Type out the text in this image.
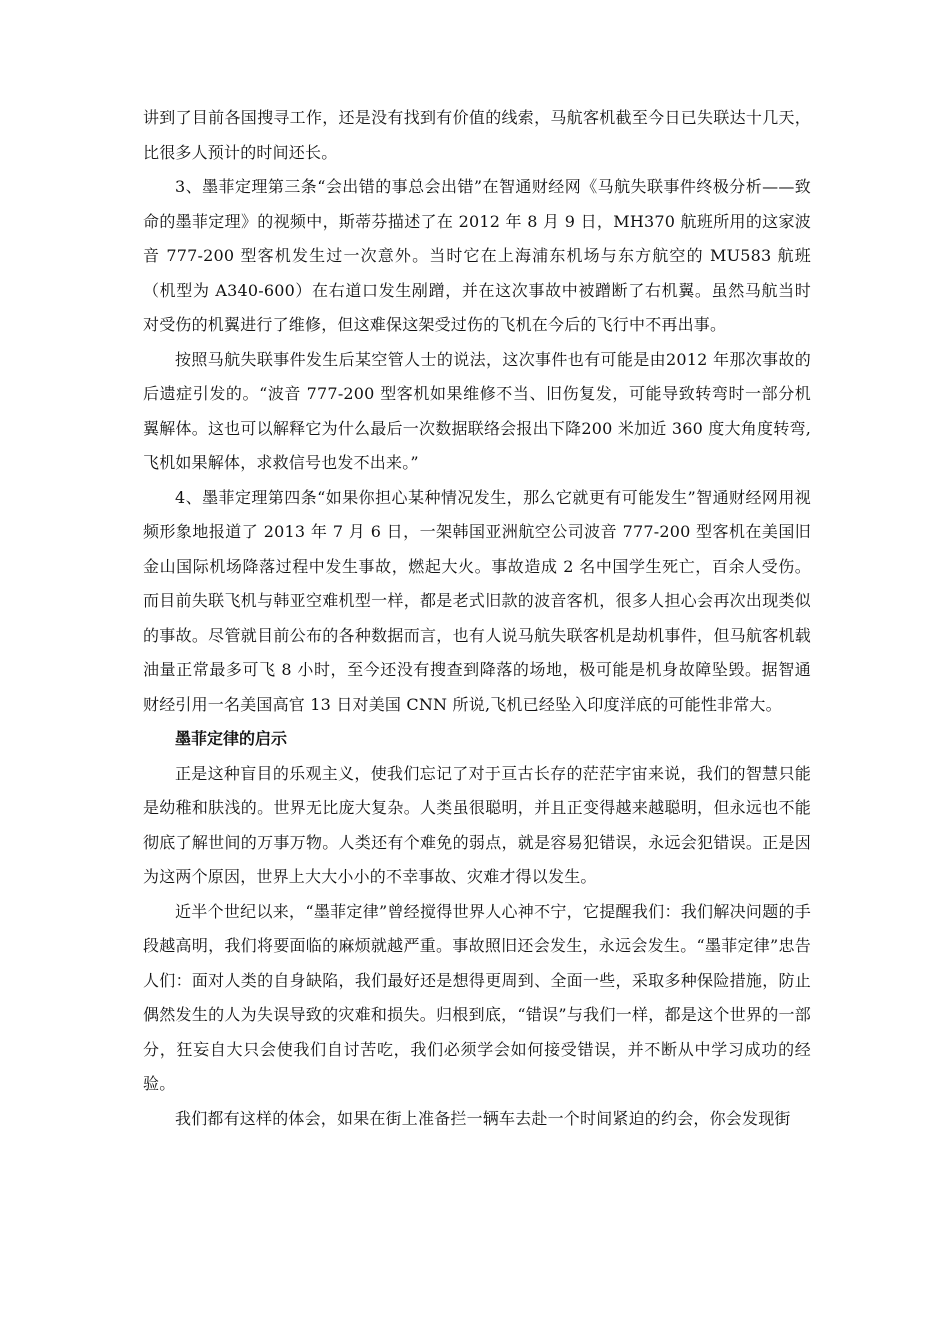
讲到了目前各国搜寻工作，还是没有找到有价值的线索，马航客机截至今日已失联达十几天，比很多人预计的时间还长。

3、墨菲定理第三条“会出错的事总会出错”在智通财经网《马航失联事件终极分析——致命的墨菲定理》的视频中，斯蒂芬描述了在 2012 年 8 月 9 日，MH370 航班所用的这家波音 777-200 型客机发生过一次意外。当时它在上海浦东机场与东方航空的 MU583 航班（机型为 A340-600）在右道口发生剐蹭，并在这次事故中被蹭断了右机翼。虽然马航当时对受伤的机翼进行了维修，但这难保这架受过伤的飞机在今后的飞行中不再出事。

按照马航失联事件发生后某空管人士的说法，这次事件也有可能是由2012 年那次事故的后遗症引发的。“波音 777-200 型客机如果维修不当、旧伤复发，可能导致转弯时一部分机翼解体。这也可以解释它为什么最后一次数据联络会报出下降200 米加近 360 度大角度转弯,飞机如果解体，求救信号也发不出来。”

4、墨菲定理第四条“如果你担心某种情况发生，那么它就更有可能发生”智通财经网用视频形象地报道了 2013 年 7 月 6 日，一架韩国亚洲航空公司波音 777-200 型客机在美国旧金山国际机场降落过程中发生事故，燃起大火。事故造成 2 名中国学生死亡，百余人受伤。而目前失联飞机与韩亚空难机型一样，都是老式旧款的波音客机，很多人担心会再次出现类似的事故。尽管就目前公布的各种数据而言，也有人说马航失联客机是劫机事件，但马航客机载油量正常最多可飞 8 小时，至今还没有搜查到降落的场地，极可能是机身故障坠毁。据智通财经引用一名美国高官 13 日对美国 CNN 所说,飞机已经坠入印度洋底的可能性非常大。

墨菲定律的启示

正是这种盲目的乐观主义，使我们忘记了对于亘古长存的茫茫宇宙来说，我们的智慧只能是幼稚和肤浅的。世界无比庞大复杂。人类虽很聪明，并且正变得越来越聪明，但永远也不能彻底了解世间的万事万物。人类还有个难免的弱点，就是容易犯错误，永远会犯错误。正是因为这两个原因，世界上大大小小的不幸事故、灾难才得以发生。

近半个世纪以来，“墨菲定律”曾经搅得世界人心神不宁，它提醒我们：我们解决问题的手段越高明，我们将要面临的麻烦就越严重。事故照旧还会发生，永远会发生。“墨菲定律”忠告人们：面对人类的自身缺陷，我们最好还是想得更周到、全面一些，采取多种保险措施，防止偶然发生的人为失误导致的灾难和损失。归根到底，“错误”与我们一样，都是这个世界的一部分，狂妄自大只会使我们自讨苦吃，我们必须学会如何接受错误，并不断从中学习成功的经验。

我们都有这样的体会，如果在街上准备拦一辆车去赴一个时间紧迫的约会，你会发现街
